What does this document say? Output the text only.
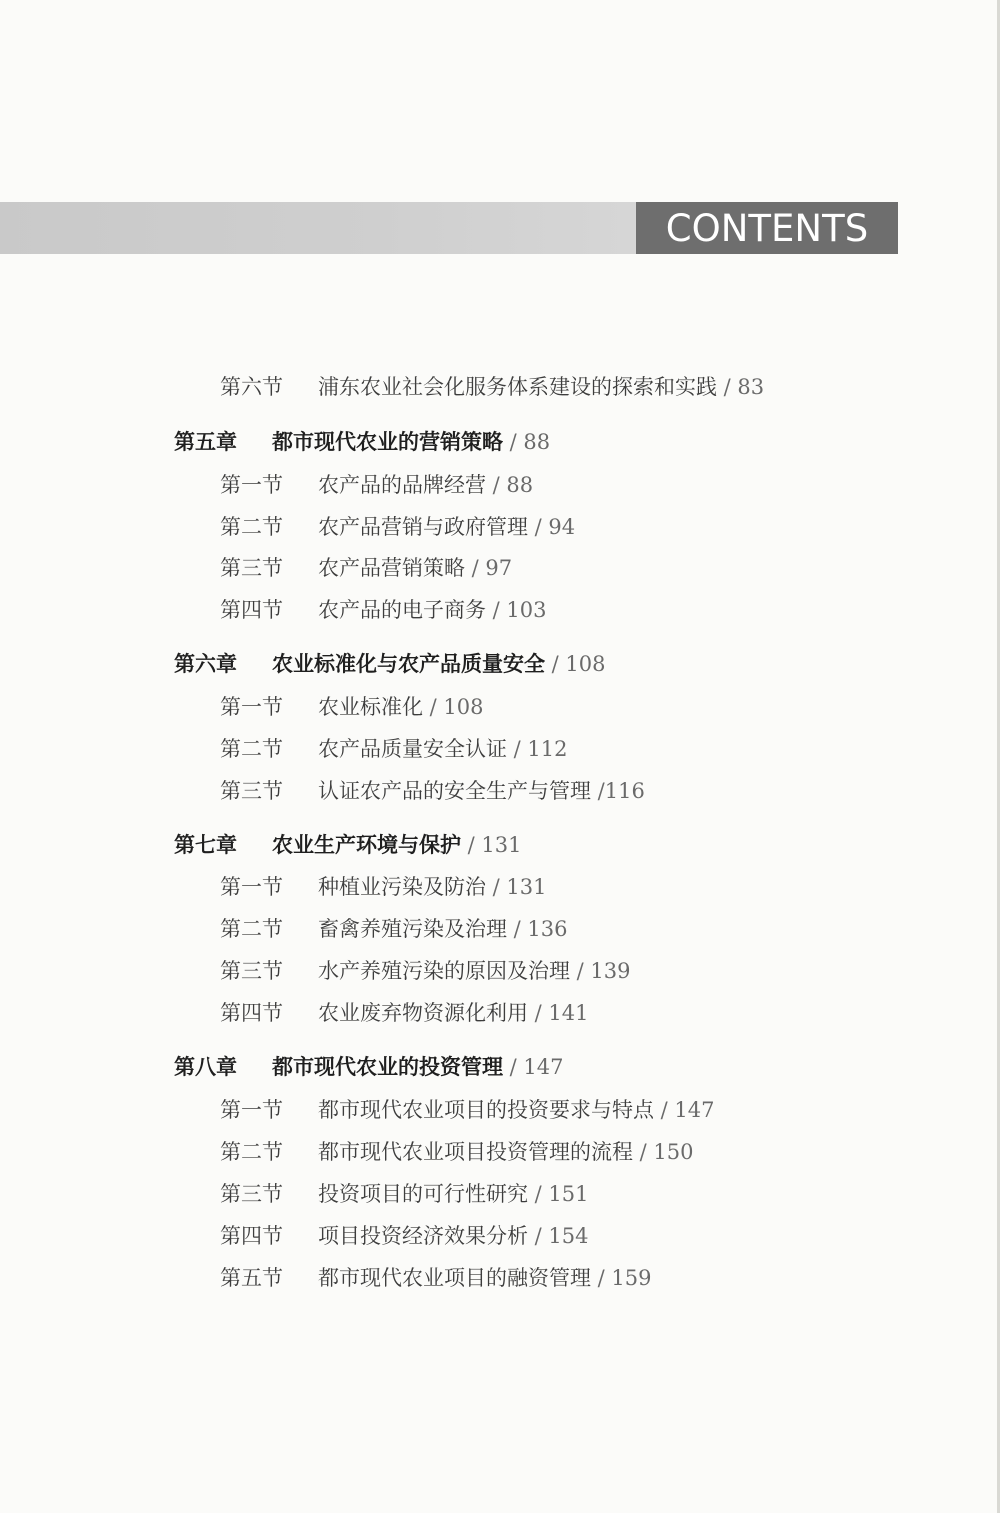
CONTENTS
第六节 浦东农业社会化服务体系建设的探索和实践 / 83
第五章 都市现代农业的营销策略 / 88
第一节 农产品的品牌经营 / 88
第二节 农产品营销与政府管理 / 94
第三节 农产品营销策略 / 97
第四节 农产品的电子商务 / 103
第六章 农业标准化与农产品质量安全 / 108
第一节 农业标准化 / 108
第二节 农产品质量安全认证 / 112
第三节 认证农产品的安全生产与管理 /116
第七章 农业生产环境与保护 / 131
第一节 种植业污染及防治 / 131
第二节 畜禽养殖污染及治理 / 136
第三节 水产养殖污染的原因及治理 / 139
第四节 农业废弃物资源化利用 / 141
第八章 都市现代农业的投资管理 / 147
第一节 都市现代农业项目的投资要求与特点 / 147
第二节 都市现代农业项目投资管理的流程 / 150
第三节 投资项目的可行性研究 / 151
第四节 项目投资经济效果分析 / 154
第五节 都市现代农业项目的融资管理 / 159
